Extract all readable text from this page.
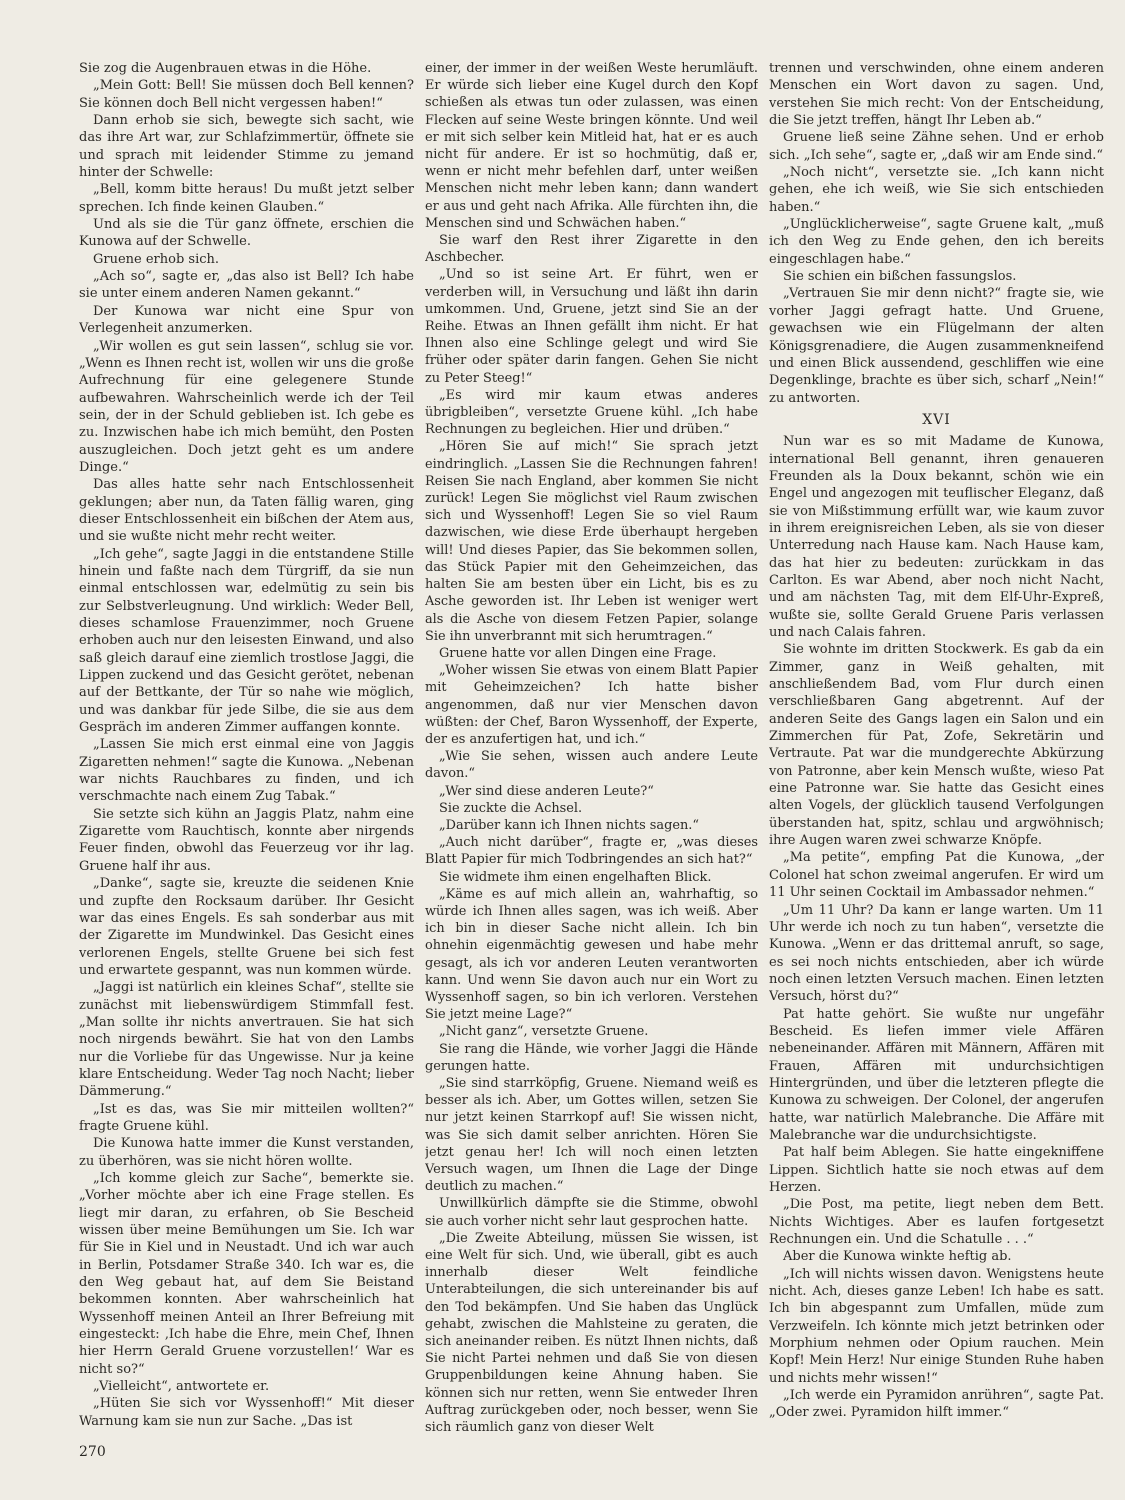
Sie zog die Augenbrauen etwas in die Höhe.

„Mein Gott: Bell! Sie müssen doch Bell kennen? Sie können doch Bell nicht vergessen haben!“

Dann erhob sie sich, bewegte sich sacht, wie das ihre Art war, zur Schlafzimmertür, öffnete sie und sprach mit leidender Stimme zu jemand hinter der Schwelle:

„Bell, komm bitte heraus! Du mußt jetzt selber sprechen. Ich finde keinen Glauben.“

Und als sie die Tür ganz öffnete, erschien die Kunowa auf der Schwelle.

Gruene erhob sich.

„Ach so“, sagte er, „das also ist Bell? Ich habe sie unter einem anderen Namen gekannt.“

Der Kunowa war nicht eine Spur von Verlegenheit anzumerken.

„Wir wollen es gut sein lassen“, schlug sie vor. „Wenn es Ihnen recht ist, wollen wir uns die große Aufrechnung für eine gelegenere Stunde aufbewahren. Wahrscheinlich werde ich der Teil sein, der in der Schuld geblieben ist. Ich gebe es zu. Inzwischen habe ich mich bemüht, den Posten auszugleichen. Doch jetzt geht es um andere Dinge.“

Das alles hatte sehr nach Entschlossenheit geklungen; aber nun, da Taten fällig waren, ging dieser Entschlossenheit ein bißchen der Atem aus, und sie wußte nicht mehr recht weiter.

„Ich gehe“, sagte Jaggi in die entstandene Stille hinein und faßte nach dem Türgriff, da sie nun einmal entschlossen war, edelmütig zu sein bis zur Selbstverleugnung. Und wirklich: Weder Bell, dieses schamlose Frauenzimmer, noch Gruene erhoben auch nur den leisesten Einwand, und also saß gleich darauf eine ziemlich trostlose Jaggi, die Lippen zuckend und das Gesicht gerötet, nebenan auf der Bettkante, der Tür so nahe wie möglich, und was dankbar für jede Silbe, die sie aus dem Gespräch im anderen Zimmer auffangen konnte.

„Lassen Sie mich erst einmal eine von Jaggis Zigaretten nehmen!“ sagte die Kunowa. „Nebenan war nichts Rauchbares zu finden, und ich verschmachte nach einem Zug Tabak.“

Sie setzte sich kühn an Jaggis Platz, nahm eine Zigarette vom Rauchtisch, konnte aber nirgends Feuer finden, obwohl das Feuerzeug vor ihr lag. Gruene half ihr aus.

„Danke“, sagte sie, kreuzte die seidenen Knie und zupfte den Rocksaum darüber. Ihr Gesicht war das eines Engels. Es sah sonderbar aus mit der Zigarette im Mundwinkel. Das Gesicht eines verlorenen Engels, stellte Gruene bei sich fest und erwartete gespannt, was nun kommen würde.

„Jaggi ist natürlich ein kleines Schaf“, stellte sie zunächst mit liebenswürdigem Stimmfall fest. „Man sollte ihr nichts anvertrauen. Sie hat sich noch nirgends bewährt. Sie hat von den Lambs nur die Vorliebe für das Ungewisse. Nur ja keine klare Entscheidung. Weder Tag noch Nacht; lieber Dämmerung.“

„Ist es das, was Sie mir mitteilen wollten?“ fragte Gruene kühl.

Die Kunowa hatte immer die Kunst verstanden, zu überhören, was sie nicht hören wollte.

„Ich komme gleich zur Sache“, bemerkte sie. „Vorher möchte aber ich eine Frage stellen. Es liegt mir daran, zu erfahren, ob Sie Bescheid wissen über meine Bemühungen um Sie. Ich war für Sie in Kiel und in Neustadt. Und ich war auch in Berlin, Potsdamer Straße 340. Ich war es, die den Weg gebaut hat, auf dem Sie Beistand bekommen konnten. Aber wahrscheinlich hat Wyssenhoff meinen Anteil an Ihrer Befreiung mit eingesteckt: ‚Ich habe die Ehre, mein Chef, Ihnen hier Herrn Gerald Gruene vorzustellen!‘ War es nicht so?“

„Vielleicht“, antwortete er.

„Hüten Sie sich vor Wyssenhoff!“ Mit dieser Warnung kam sie nun zur Sache. „Das ist

einer, der immer in der weißen Weste herumläuft. Er würde sich lieber eine Kugel durch den Kopf schießen als etwas tun oder zulassen, was einen Flecken auf seine Weste bringen könnte. Und weil er mit sich selber kein Mitleid hat, hat er es auch nicht für andere. Er ist so hochmütig, daß er, wenn er nicht mehr befehlen darf, unter weißen Menschen nicht mehr leben kann; dann wandert er aus und geht nach Afrika. Alle fürchten ihn, die Menschen sind und Schwächen haben.“

Sie warf den Rest ihrer Zigarette in den Aschbecher.

„Und so ist seine Art. Er führt, wen er verderben will, in Versuchung und läßt ihn darin umkommen. Und, Gruene, jetzt sind Sie an der Reihe. Etwas an Ihnen gefällt ihm nicht. Er hat Ihnen also eine Schlinge gelegt und wird Sie früher oder später darin fangen. Gehen Sie nicht zu Peter Steeg!“

„Es wird mir kaum etwas anderes übrigbleiben“, versetzte Gruene kühl. „Ich habe Rechnungen zu begleichen. Hier und drüben.“

„Hören Sie auf mich!“ Sie sprach jetzt eindringlich. „Lassen Sie die Rechnungen fahren! Reisen Sie nach England, aber kommen Sie nicht zurück! Legen Sie möglichst viel Raum zwischen sich und Wyssenhoff! Legen Sie so viel Raum dazwischen, wie diese Erde überhaupt hergeben will! Und dieses Papier, das Sie bekommen sollen, das Stück Papier mit den Geheimzeichen, das halten Sie am besten über ein Licht, bis es zu Asche geworden ist. Ihr Leben ist weniger wert als die Asche von diesem Fetzen Papier, solange Sie ihn unverbrannt mit sich herumtragen.“

Gruene hatte vor allen Dingen eine Frage.

„Woher wissen Sie etwas von einem Blatt Papier mit Geheimzeichen? Ich hatte bisher angenommen, daß nur vier Menschen davon wüßten: der Chef, Baron Wyssenhoff, der Experte, der es anzufertigen hat, und ich.“

„Wie Sie sehen, wissen auch andere Leute davon.“

„Wer sind diese anderen Leute?“

Sie zuckte die Achsel.

„Darüber kann ich Ihnen nichts sagen.“

„Auch nicht darüber“, fragte er, „was dieses Blatt Papier für mich Todbringendes an sich hat?“

Sie widmete ihm einen engelhaften Blick.

„Käme es auf mich allein an, wahrhaftig, so würde ich Ihnen alles sagen, was ich weiß. Aber ich bin in dieser Sache nicht allein. Ich bin ohnehin eigenmächtig gewesen und habe mehr gesagt, als ich vor anderen Leuten verantworten kann. Und wenn Sie davon auch nur ein Wort zu Wyssenhoff sagen, so bin ich verloren. Verstehen Sie jetzt meine Lage?“

„Nicht ganz“, versetzte Gruene.

Sie rang die Hände, wie vorher Jaggi die Hände gerungen hatte.

„Sie sind starrköpfig, Gruene. Niemand weiß es besser als ich. Aber, um Gottes willen, setzen Sie nur jetzt keinen Starrkopf auf! Sie wissen nicht, was Sie sich damit selber anrichten. Hören Sie jetzt genau her! Ich will noch einen letzten Versuch wagen, um Ihnen die Lage der Dinge deutlich zu machen.“

Unwillkürlich dämpfte sie die Stimme, obwohl sie auch vorher nicht sehr laut gesprochen hatte.

„Die Zweite Abteilung, müssen Sie wissen, ist eine Welt für sich. Und, wie überall, gibt es auch innerhalb dieser Welt feindliche Unterabteilungen, die sich untereinander bis auf den Tod bekämpfen. Und Sie haben das Unglück gehabt, zwischen die Mahlsteine zu geraten, die sich aneinander reiben. Es nützt Ihnen nichts, daß Sie nicht Partei nehmen und daß Sie von diesen Gruppenbildungen keine Ahnung haben. Sie können sich nur retten, wenn Sie entweder Ihren Auftrag zurückgeben oder, noch besser, wenn Sie sich räumlich ganz von dieser Welt

trennen und verschwinden, ohne einem anderen Menschen ein Wort davon zu sagen. Und, verstehen Sie mich recht: Von der Entscheidung, die Sie jetzt treffen, hängt Ihr Leben ab.“

Gruene ließ seine Zähne sehen. Und er erhob sich. „Ich sehe“, sagte er, „daß wir am Ende sind.“

„Noch nicht“, versetzte sie. „Ich kann nicht gehen, ehe ich weiß, wie Sie sich entschieden haben.“

„Unglücklicherweise“, sagte Gruene kalt, „muß ich den Weg zu Ende gehen, den ich bereits eingeschlagen habe.“

Sie schien ein bißchen fassungslos.

„Vertrauen Sie mir denn nicht?“ fragte sie, wie vorher Jaggi gefragt hatte. Und Gruene, gewachsen wie ein Flügelmann der alten Königsgrenadiere, die Augen zusammenkneifend und einen Blick aussendend, geschliffen wie eine Degenklinge, brachte es über sich, scharf „Nein!“ zu antworten.

XVI

Nun war es so mit Madame de Kunowa, international Bell genannt, ihren genaueren Freunden als la Doux bekannt, schön wie ein Engel und angezogen mit teuflischer Eleganz, daß sie von Mißstimmung erfüllt war, wie kaum zuvor in ihrem ereignisreichen Leben, als sie von dieser Unterredung nach Hause kam. Nach Hause kam, das hat hier zu bedeuten: zurückkam in das Carlton. Es war Abend, aber noch nicht Nacht, und am nächsten Tag, mit dem Elf-Uhr-Expreß, wußte sie, sollte Gerald Gruene Paris verlassen und nach Calais fahren.

Sie wohnte im dritten Stockwerk. Es gab da ein Zimmer, ganz in Weiß gehalten, mit anschließendem Bad, vom Flur durch einen verschließbaren Gang abgetrennt. Auf der anderen Seite des Gangs lagen ein Salon und ein Zimmerchen für Pat, Zofe, Sekretärin und Vertraute. Pat war die mundgerechte Abkürzung von Patronne, aber kein Mensch wußte, wieso Pat eine Patronne war. Sie hatte das Gesicht eines alten Vogels, der glücklich tausend Verfolgungen überstanden hat, spitz, schlau und argwöhnisch; ihre Augen waren zwei schwarze Knöpfe.

„Ma petite“, empfing Pat die Kunowa, „der Colonel hat schon zweimal angerufen. Er wird um 11 Uhr seinen Cocktail im Ambassador nehmen.“

„Um 11 Uhr? Da kann er lange warten. Um 11 Uhr werde ich noch zu tun haben“, versetzte die Kunowa. „Wenn er das drittemal anruft, so sage, es sei noch nichts entschieden, aber ich würde noch einen letzten Versuch machen. Einen letzten Versuch, hörst du?“

Pat hatte gehört. Sie wußte nur ungefähr Bescheid. Es liefen immer viele Affären nebeneinander. Affären mit Männern, Affären mit Frauen, Affären mit undurchsichtigen Hintergründen, und über die letzteren pflegte die Kunowa zu schweigen. Der Colonel, der angerufen hatte, war natürlich Malebranche. Die Affäre mit Malebranche war die undurchsichtigste.

Pat half beim Ablegen. Sie hatte eingekniffene Lippen. Sichtlich hatte sie noch etwas auf dem Herzen.

„Die Post, ma petite, liegt neben dem Bett. Nichts Wichtiges. Aber es laufen fortgesetzt Rechnungen ein. Und die Schatulle . . .“

Aber die Kunowa winkte heftig ab.

„Ich will nichts wissen davon. Wenigstens heute nicht. Ach, dieses ganze Leben! Ich habe es satt. Ich bin abgespannt zum Umfallen, müde zum Verzweifeln. Ich könnte mich jetzt betrinken oder Morphium nehmen oder Opium rauchen. Mein Kopf! Mein Herz! Nur einige Stunden Ruhe haben und nichts mehr wissen!“

„Ich werde ein Pyramidon anrühren“, sagte Pat. „Oder zwei. Pyramidon hilft immer.“

270
